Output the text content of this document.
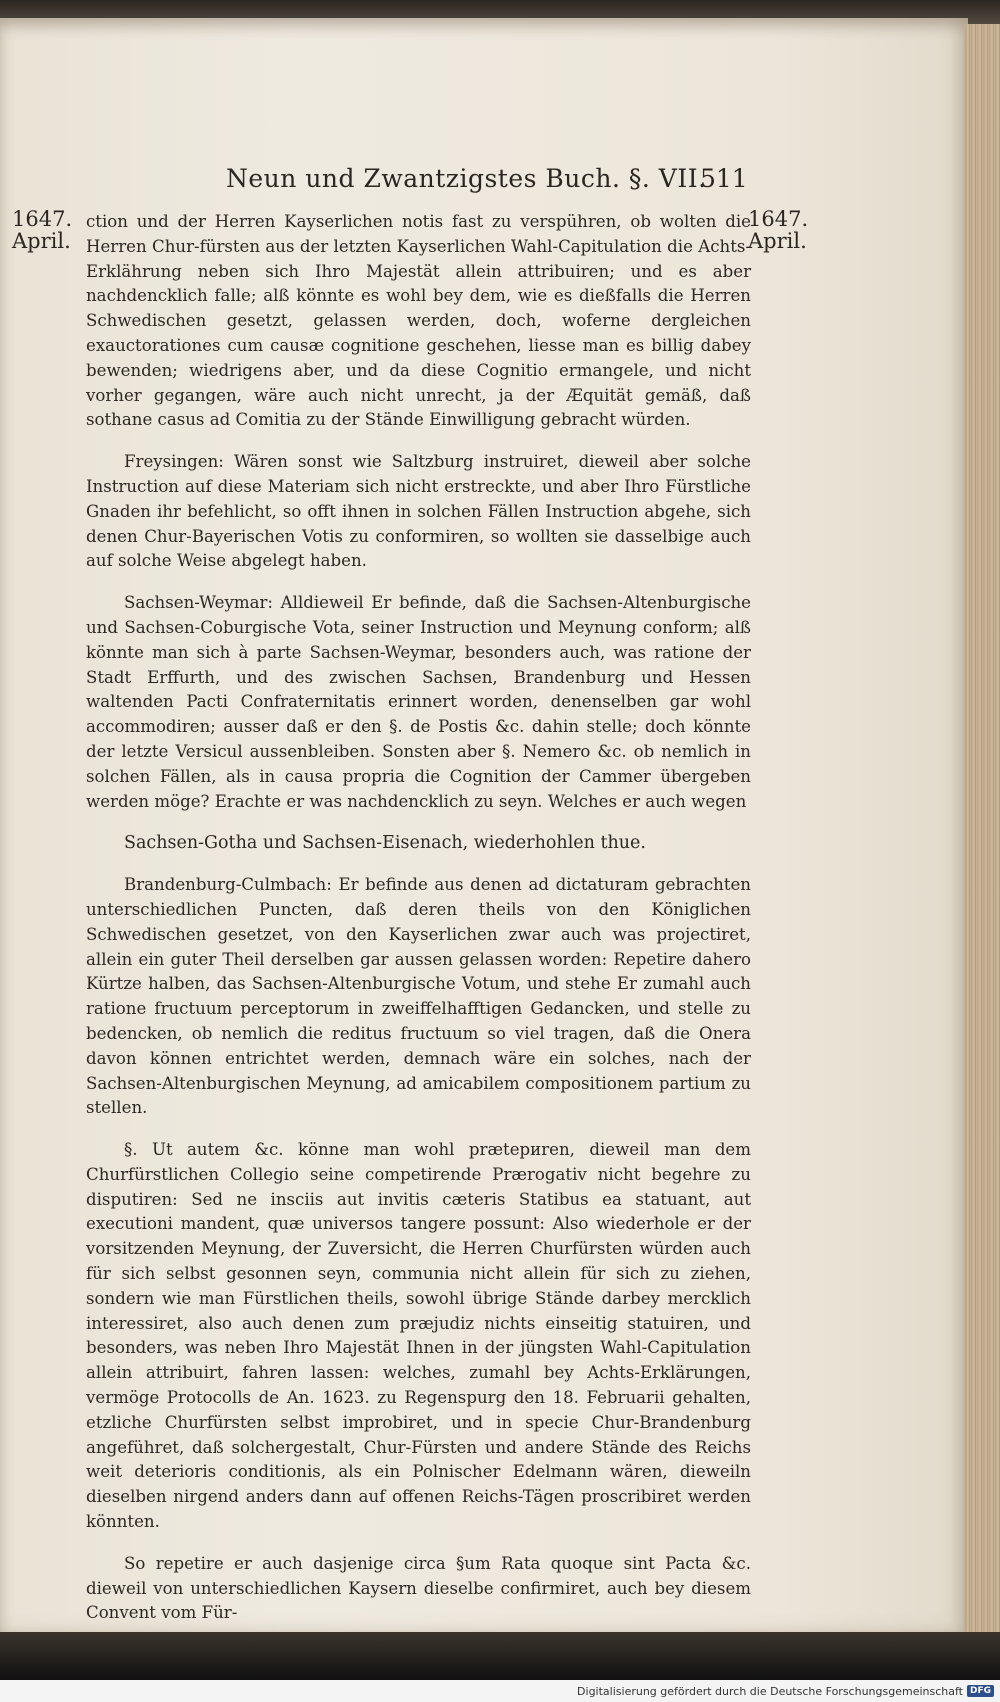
Neun und Zwantzigstes Buch. §. VII.
511
1647.
April.
1647.
April.

ction und der Herren Kayserlichen notis fast zu verspühren, ob wolten die Herren Chur-fürsten aus der letzten Kayserlichen Wahl-Capitulation die Achts-Erklährung neben sich Ihro Majestät allein attribuiren; und es aber nachdencklich falle; alß könnte es wohl bey dem, wie es dießfalls die Herren Schwedischen gesetzt, gelassen werden, doch, woferne dergleichen exauctorationes cum causæ cognitione geschehen, liesse man es billig dabey bewenden; wiedrigens aber, und da diese Cognitio ermangele, und nicht vorher gegangen, wäre auch nicht unrecht, ja der Æquität gemäß, daß sothane casus ad Comitia zu der Stände Einwilligung gebracht würden.

Freysingen: Wären sonst wie Saltzburg instruiret, dieweil aber solche Instruction auf diese Materiam sich nicht erstreckte, und aber Ihro Fürstliche Gnaden ihr befehlicht, so offt ihnen in solchen Fällen Instruction abgehe, sich denen Chur-Bayerischen Votis zu conformiren, so wollten sie dasselbige auch auf solche Weise abgelegt haben.

Sachsen-Weymar: Alldieweil Er befinde, daß die Sachsen-Altenburgische und Sachsen-Coburgische Vota, seiner Instruction und Meynung conform; alß könnte man sich à parte Sachsen-Weymar, besonders auch, was ratione der Stadt Erffurth, und des zwischen Sachsen, Brandenburg und Hessen waltenden Pacti Confraternitatis erinnert worden, denenselben gar wohl accommodiren; ausser daß er den §. de Postis &c. dahin stelle; doch könnte der letzte Versicul aussenbleiben. Sonsten aber §. Nemero &c. ob nemlich in solchen Fällen, als in causa propria die Cognition der Cammer übergeben werden möge? Erachte er was nachdencklich zu seyn. Welches er auch wegen

Sachsen-Gotha und Sachsen-Eisenach, wiederhohlen thue.

Brandenburg-Culmbach: Er befinde aus denen ad dictaturam gebrachten unterschiedlichen Puncten, daß deren theils von den Königlichen Schwedischen gesetzet, von den Kayserlichen zwar auch was projectiret, allein ein guter Theil derselben gar aussen gelassen worden: Repetire dahero Kürtze halben, das Sachsen-Altenburgische Votum, und stehe Er zumahl auch ratione fructuum perceptorum in zweiffelhafftigen Gedancken, und stelle zu bedencken, ob nemlich die reditus fructuum so viel tragen, daß die Onera davon können entrichtet werden, demnach wäre ein solches, nach der Sachsen-Altenburgischen Meynung, ad amicabilem compositionem partium zu stellen.

§. Ut autem &c. könne man wohl prætериren, dieweil man dem Churfürstlichen Collegio seine competirende Prærogativ nicht begehre zu disputiren: Sed ne insciis aut invitis cæteris Statibus ea statuant, aut executioni mandent, quæ universos tangere possunt: Also wiederhole er der vorsitzenden Meynung, der Zuversicht, die Herren Churfürsten würden auch für sich selbst gesonnen seyn, communia nicht allein für sich zu ziehen, sondern wie man Fürstlichen theils, sowohl übrige Stände darbey mercklich interessiret, also auch denen zum præjudiz nichts einseitig statuiren, und besonders, was neben Ihro Majestät Ihnen in der jüngsten Wahl-Capitulation allein attribuirt, fahren lassen: welches, zumahl bey Achts-Erklärungen, vermöge Protocolls de An. 1623. zu Regenspurg den 18. Februarii gehalten, etzliche Churfürsten selbst improbiret, und in specie Chur-Brandenburg angeführet, daß solchergestalt, Chur-Fürsten und andere Stände des Reichs weit deterioris conditionis, als ein Polnischer Edelmann wären, dieweiln dieselben nirgend anders dann auf offenen Reichs-Tägen proscribiret werden könnten.

So repetire er auch dasjenige circa §um Rata quoque sint Pacta &c. dieweil von unterschiedlichen Kaysern dieselbe confirmiret, auch bey diesem Convent vom Für-

Digitalisierung gefördert durch die Deutsche Forschungsgemeinschaft DFG
